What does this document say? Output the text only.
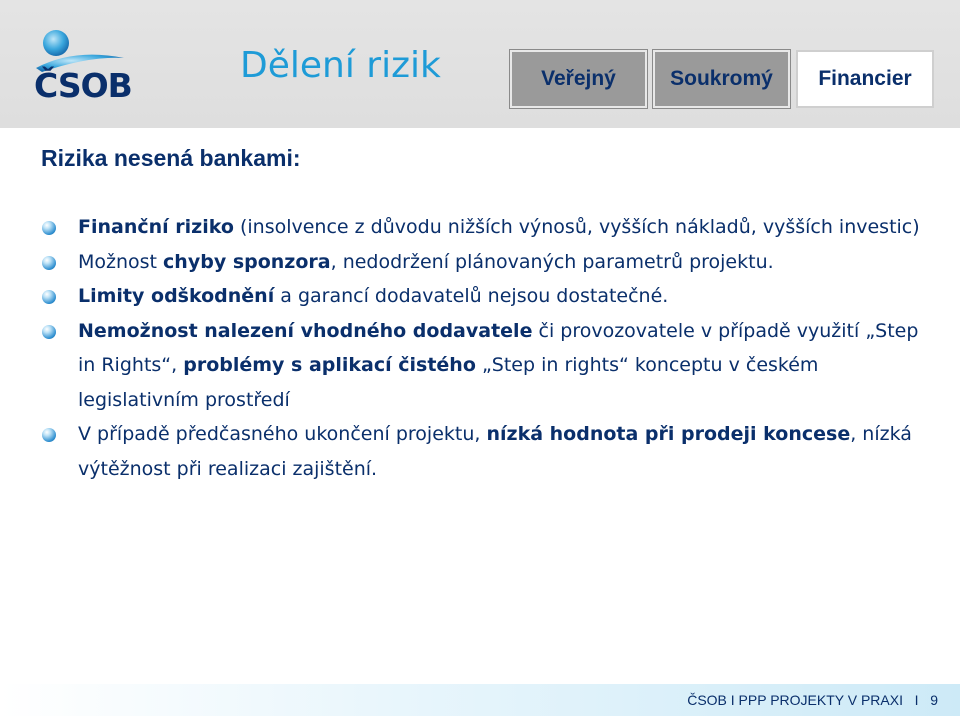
ČSOB	Dělení rizik	Veřejný	Soukromý Financier
Rizika nesená bankami:
Finanční riziko (insolvence z důvodu nižších výnosů, vyšších nákladů, vyšších investic)
Možnost chyby sponzora, nedodržení plánovaných parametrů projektu.
Limity odškodnění a garancí dodavatelů nejsou dostatečné.
Nemožnost nalezení vhodného dodavatele či provozovatele v případě využití „Step in Rights“, problémy s aplikací čistého „Step in rights“ konceptu v českém legislativním prostředí
V případě předčasného ukončení projektu, nízká hodnota při prodeji koncese, nízká výtěžnost při realizaci zajištění.
ČSOB I PPP PROJEKTY V PRAXI   I   9
